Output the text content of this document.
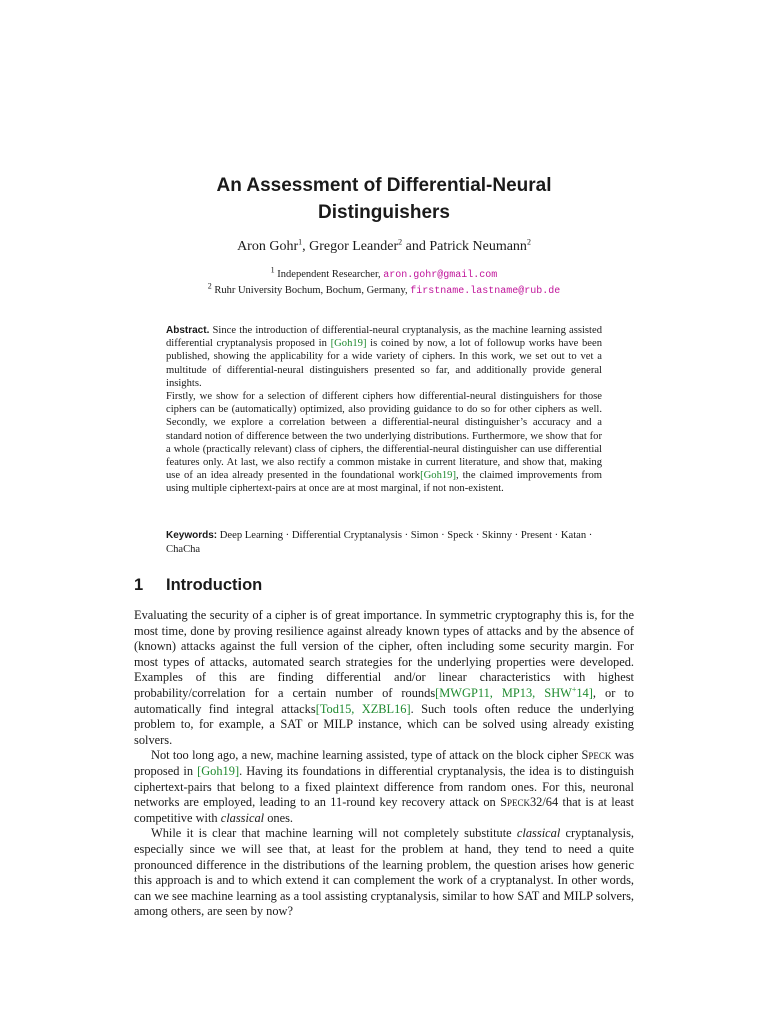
An Assessment of Differential-Neural
Distinguishers
Aron Gohr$^1$, Gregor Leander$^2$ and Patrick Neumann$^2$
$^1$ Independent Researcher, aron.gohr@gmail.com
$^2$ Ruhr University Bochum, Bochum, Germany, firstname.lastname@rub.de

Abstract. Since the introduction of differential-neural cryptanalysis, as the machine learning assisted differential cryptanalysis proposed in [Goh19] is coined by now, a lot of followup works have been published, showing the applicability for a wide variety of ciphers. In this work, we set out to vet a multitude of differential-neural distinguishers presented so far, and additionally provide general insights.

Firstly, we show for a selection of different ciphers how differential-neural distinguishers for those ciphers can be (automatically) optimized, also providing guidance to do so for other ciphers as well. Secondly, we explore a correlation between a differential-neural distinguisher’s accuracy and a standard notion of difference between the two underlying distributions. Furthermore, we show that for a whole (practically relevant) class of ciphers, the differential-neural distinguisher can use differential features only. At last, we also rectify a common mistake in current literature, and show that, making use of an idea already presented in the foundational work[Goh19], the claimed improvements from using multiple ciphertext-pairs at once are at most marginal, if not non-existent.

Keywords: Deep Learning · Differential Cryptanalysis · Simon · Speck · Skinny · Present · Katan · ChaCha
1 Introduction

Evaluating the security of a cipher is of great importance. In symmetric cryptography this is, for the most time, done by proving resilience against already known types of attacks and by the absence of (known) attacks against the full version of the cipher, often including some security margin. For most types of attacks, automated search strategies for the underlying properties were developed. Examples of this are finding differential and/or linear characteristics with highest probability/correlation for a certain number of rounds[MWGP11, MP13, SHW+14], or to automatically find integral attacks[Tod15, XZBL16]. Such tools often reduce the underlying problem to, for example, a SAT or MILP instance, which can be solved using already existing solvers.

Not too long ago, a new, machine learning assisted, type of attack on the block cipher Speck was proposed in [Goh19]. Having its foundations in differential cryptanalysis, the idea is to distinguish ciphertext-pairs that belong to a fixed plaintext difference from random ones. For this, neuronal networks are employed, leading to an 11-round key recovery attack on Speck32/64 that is at least competitive with classical ones.

While it is clear that machine learning will not completely substitute classical cryptanalysis, especially since we will see that, at least for the problem at hand, they tend to need a quite pronounced difference in the distributions of the learning problem, the question arises how generic this approach is and to which extend it can complement the work of a cryptanalyst. In other words, can we see machine learning as a tool assisting cryptanalysis, similar to how SAT and MILP solvers, among others, are seen by now?
